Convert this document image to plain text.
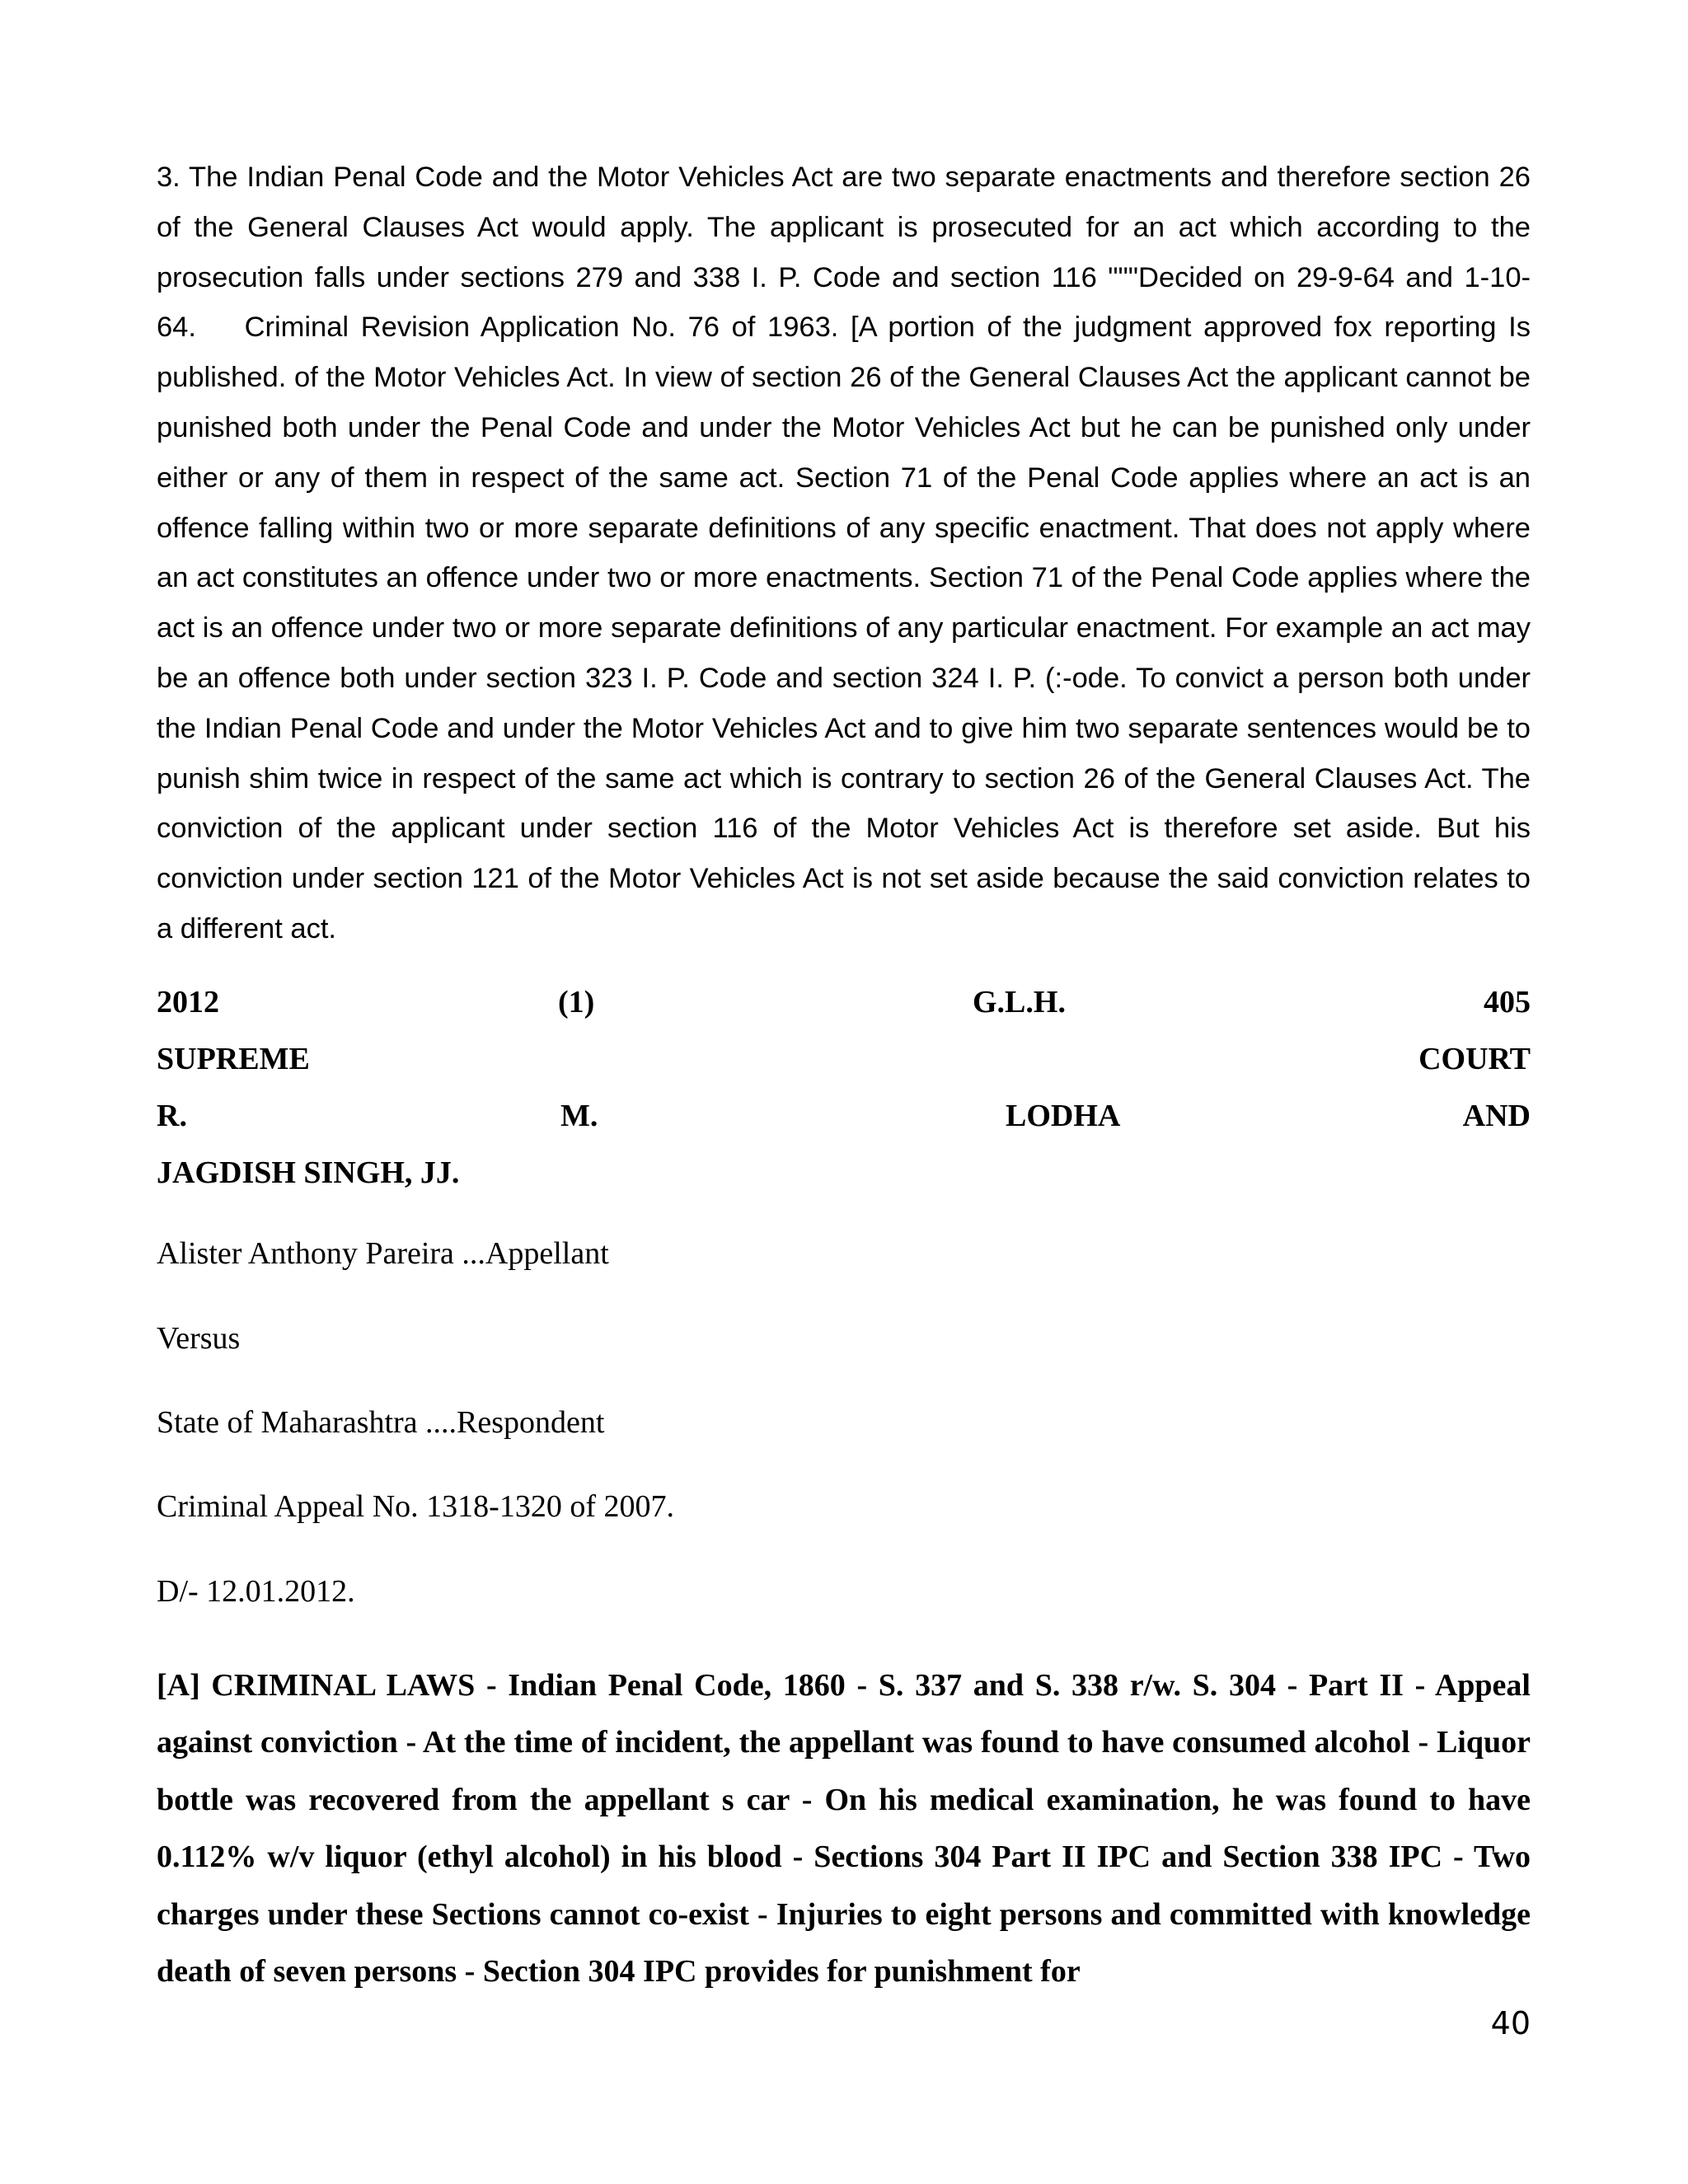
3. The Indian Penal Code and the Motor Vehicles Act are two separate enactments and therefore section 26 of the General Clauses Act would apply. The applicant is prosecuted for an act which according to the prosecution falls under sections 279 and 338 I. P. Code and section 116 """Decided on 29-9-64 and 1-10-64.    Criminal Revision Application No. 76 of 1963. [A portion of the judgment approved fox reporting Is published. of the Motor Vehicles Act. In view of section 26 of the General Clauses Act the applicant cannot be punished both under the Penal Code and under the Motor Vehicles Act but he can be punished only under either or any of them in respect of the same act. Section 71 of the Penal Code applies where an act is an offence falling within two or more separate definitions of any specific enactment. That does not apply where an act constitutes an offence under two or more enactments. Section 71 of the Penal Code applies where the act is an offence under two or more separate definitions of any particular enactment. For example an act may be an offence both under section 323 I. P. Code and section 324 I. P. (:-ode. To convict a person both under the Indian Penal Code and under the Motor Vehicles Act and to give him two separate sentences would be to punish shim twice in respect of the same act which is contrary to section 26 of the General Clauses Act. The conviction of the applicant under section 116 of the Motor Vehicles Act is therefore set aside. But his conviction under section 121 of the Motor Vehicles Act is not set aside because the said conviction relates to a different act.

2012	(1)	G.L.H.	405
SUPREME	COURT
R.	M.	LODHA	AND
JAGDISH SINGH, JJ.

Alister Anthony Pareira ...Appellant

Versus

State of Maharashtra ....Respondent

Criminal Appeal No. 1318-1320 of 2007.

D/- 12.01.2012.

[A] CRIMINAL LAWS - Indian Penal Code, 1860 - S. 337 and S. 338 r/w. S. 304 - Part II - Appeal against conviction - At the time of incident, the appellant was found to have consumed alcohol - Liquor bottle was recovered from the appellant s car - On his medical examination, he was found to have 0.112% w/v liquor (ethyl alcohol) in his blood - Sections 304 Part II IPC and Section 338 IPC - Two charges under these Sections cannot co-exist - Injuries to eight persons and committed with knowledge death of seven persons - Section 304 IPC provides for punishment for

40
